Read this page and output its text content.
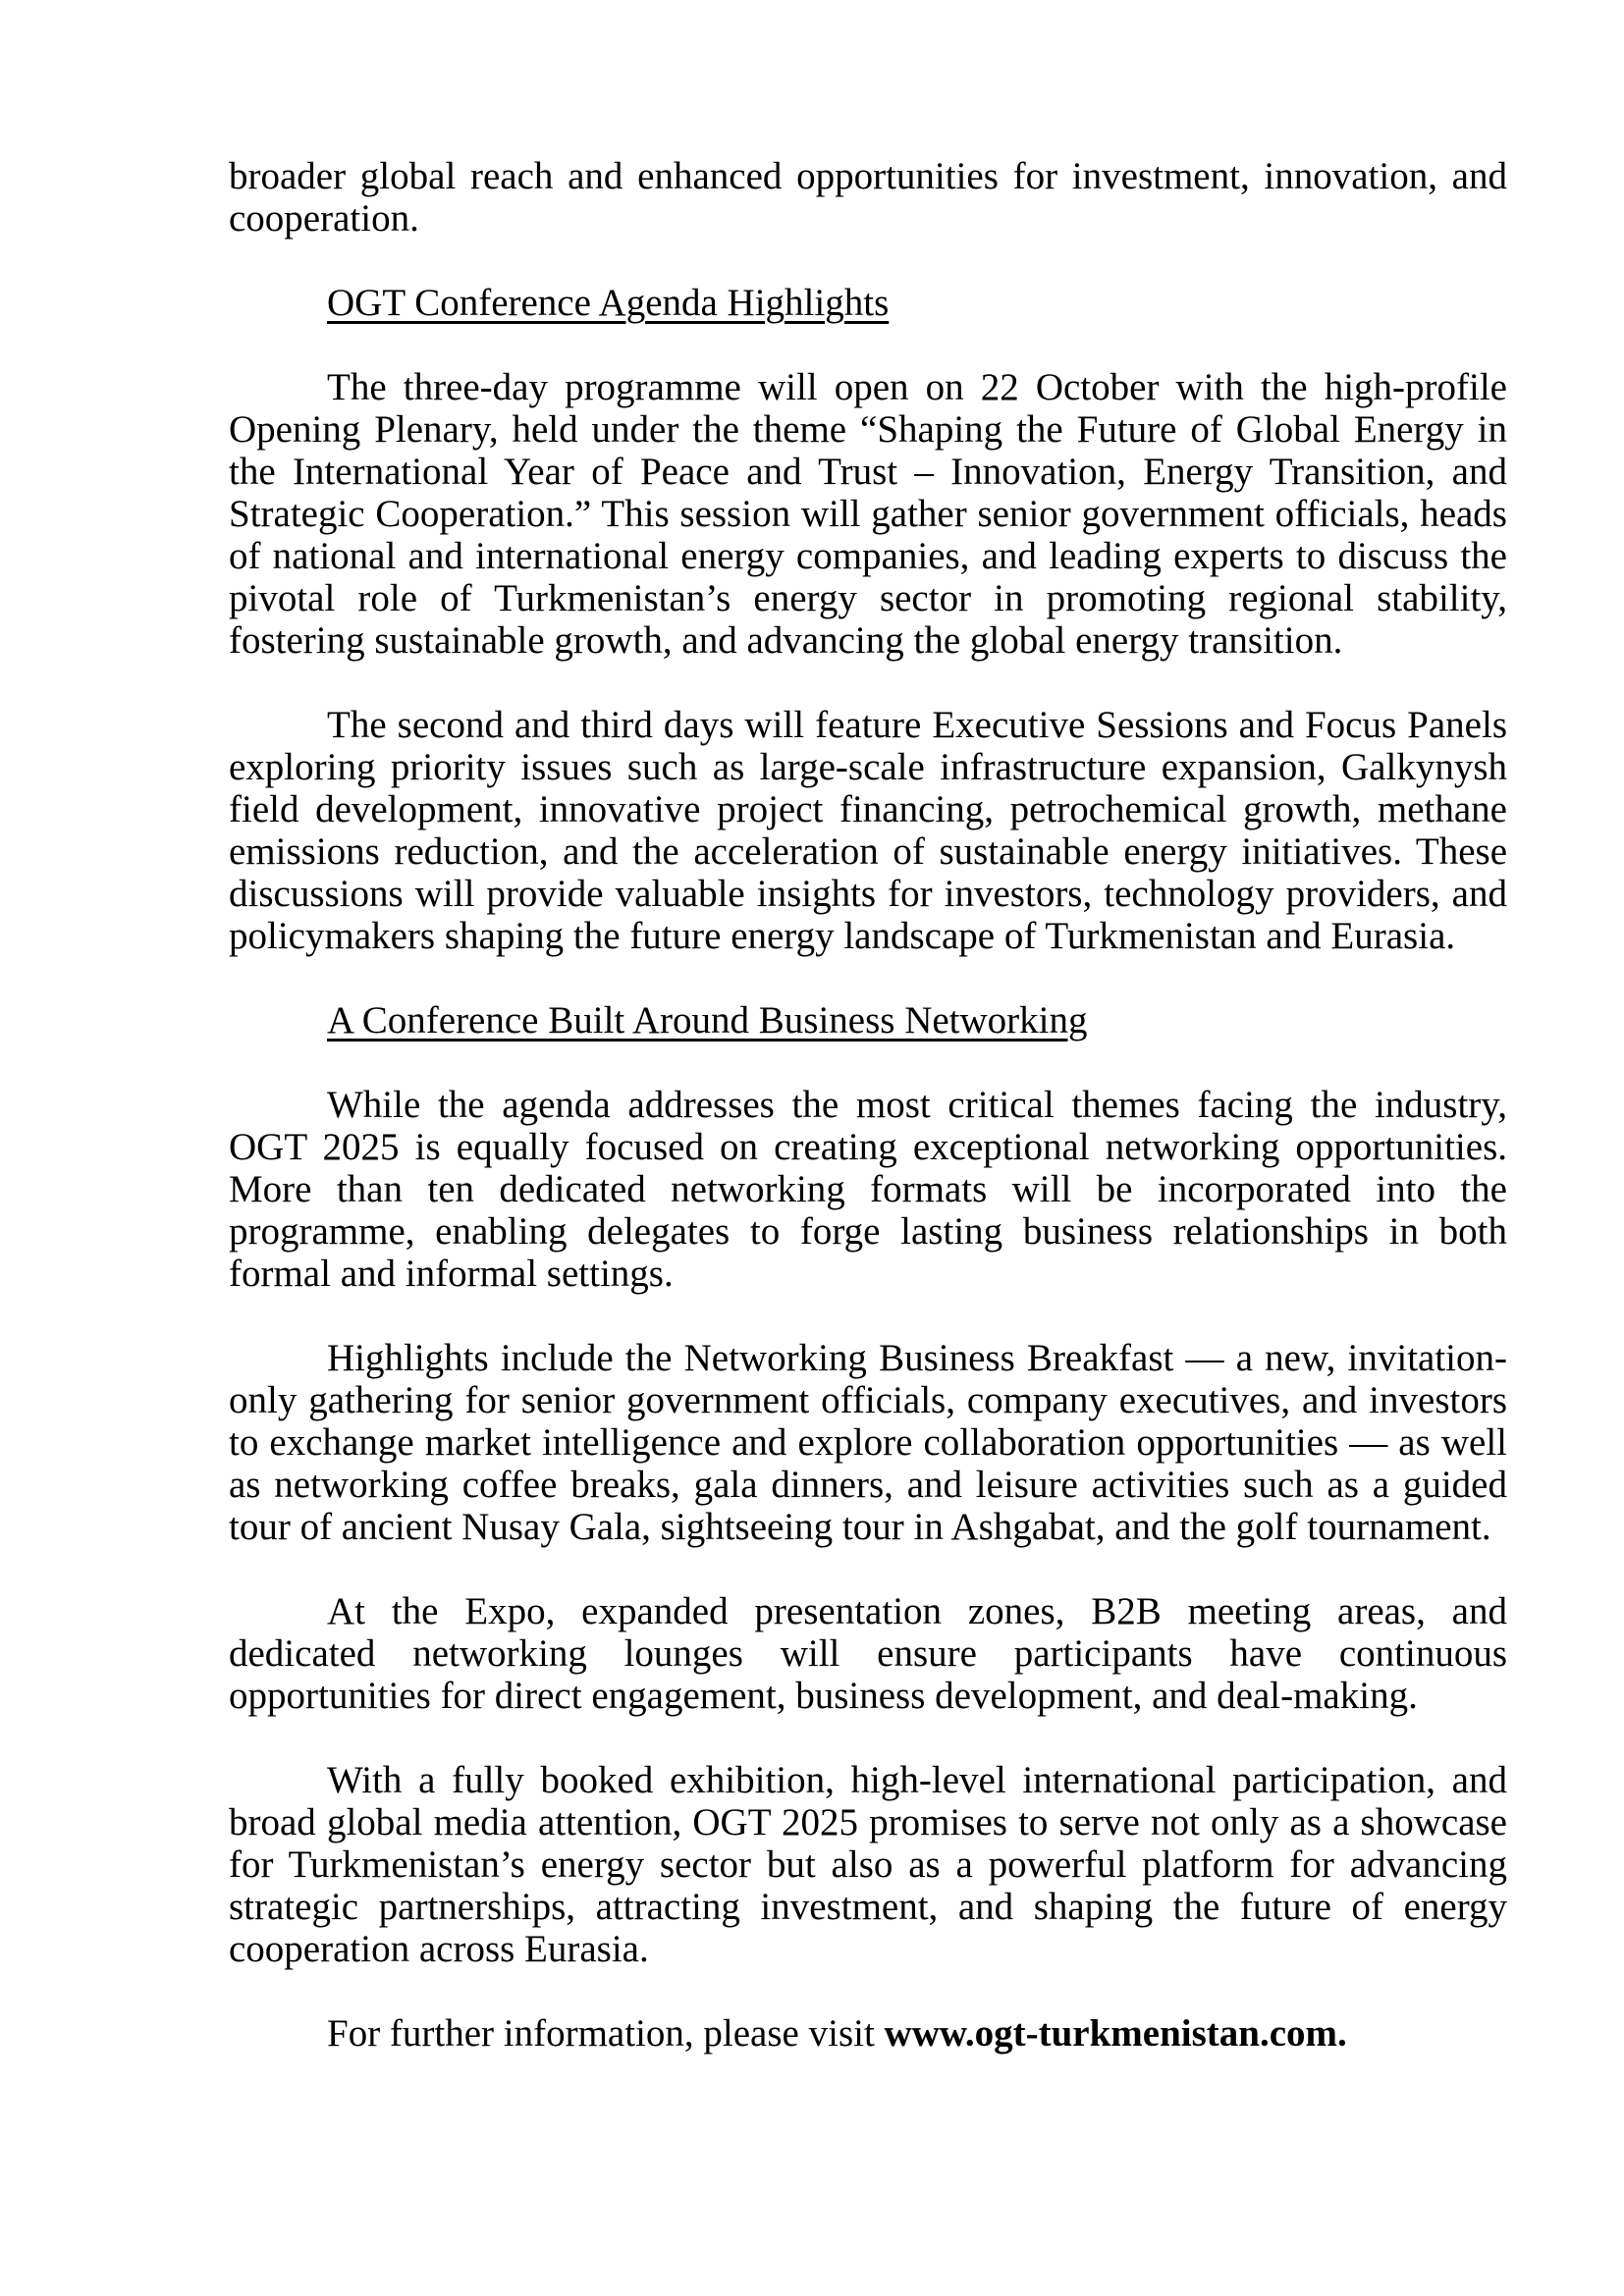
broader global reach and enhanced opportunities for investment, innovation, and cooperation.

OGT Conference Agenda Highlights

The three-day programme will open on 22 October with the high-profile Opening Plenary, held under the theme “Shaping the Future of Global Energy in the International Year of Peace and Trust – Innovation, Energy Transition, and Strategic Cooperation.” This session will gather senior government officials, heads of national and international energy companies, and leading experts to discuss the pivotal role of Turkmenistan’s energy sector in promoting regional stability, fostering sustainable growth, and advancing the global energy transition.

The second and third days will feature Executive Sessions and Focus Panels exploring priority issues such as large-scale infrastructure expansion, Galkynysh field development, innovative project financing, petrochemical growth, methane emissions reduction, and the acceleration of sustainable energy initiatives. These discussions will provide valuable insights for investors, technology providers, and policymakers shaping the future energy landscape of Turkmenistan and Eurasia.

A Conference Built Around Business Networking

While the agenda addresses the most critical themes facing the industry, OGT 2025 is equally focused on creating exceptional networking opportunities. More than ten dedicated networking formats will be incorporated into the programme, enabling delegates to forge lasting business relationships in both formal and informal settings.

Highlights include the Networking Business Breakfast — a new, invitation-only gathering for senior government officials, company executives, and investors to exchange market intelligence and explore collaboration opportunities — as well as networking coffee breaks, gala dinners, and leisure activities such as a guided tour of ancient Nusay Gala, sightseeing tour in Ashgabat, and the golf tournament.

At the Expo, expanded presentation zones, B2B meeting areas, and dedicated networking lounges will ensure participants have continuous opportunities for direct engagement, business development, and deal-making.

With a fully booked exhibition, high-level international participation, and broad global media attention, OGT 2025 promises to serve not only as a showcase for Turkmenistan’s energy sector but also as a powerful platform for advancing strategic partnerships, attracting investment, and shaping the future of energy cooperation across Eurasia.

For further information, please visit www.ogt-turkmenistan.com.
